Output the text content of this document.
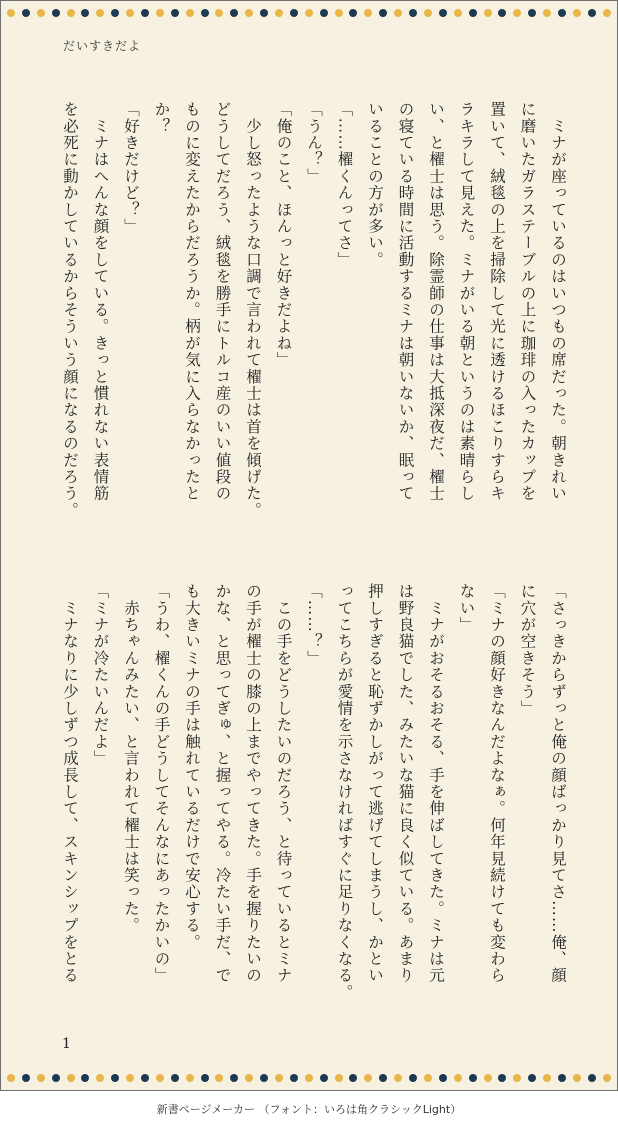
だいすきだよ
　ミナが座っているのはいつもの席だった。朝きれい
に磨いたガラステーブルの上に珈琲の入ったカップを
置いて、絨毯の上を掃除して光に透けるほこりすらキ
ラキラして見えた。ミナがいる朝というのは素晴らし
い、と櫂士は思う。除霊師の仕事は大抵深夜だ、櫂士
の寝ている時間に活動するミナは朝いないか、眠って
いることの方が多い。
「……櫂くんってさ」
「うん？」
「俺のこと、ほんっと好きだよね」
　少し怒ったような口調で言われて櫂士は首を傾げた。
どうしてだろう、絨毯を勝手にトルコ産のいい値段の
ものに変えたからだろうか。柄が気に入らなかったと
か？
「好きだけど？」
　ミナはへんな顔をしている。きっと慣れない表情筋
を必死に動かしているからそういう顔になるのだろう。
「さっきからずっと俺の顔ばっかり見てさ……俺、顔
に穴が空きそう」
「ミナの顔好きなんだよなぁ。何年見続けても変わら
ない」
　ミナがおそるおそる、手を伸ばしてきた。ミナは元
は野良猫でした、みたいな猫に良く似ている。あまり
押しすぎると恥ずかしがって逃げてしまうし、かとい
ってこちらが愛情を示さなければすぐに足りなくなる。
「……？」
　この手をどうしたいのだろう、と待っているとミナ
の手が櫂士の膝の上までやってきた。手を握りたいの
かな、と思ってぎゅ、と握ってやる。冷たい手だ、で
も大きいミナの手は触れているだけで安心する。
「うわ、櫂くんの手どうしてそんなにあったかいの」
　赤ちゃんみたい、と言われて櫂士は笑った。
「ミナが冷たいんだよ」
　ミナなりに少しずつ成長して、スキンシップをとる
1
新書ページメーカー （フォント：いろは角クラシックLight）
